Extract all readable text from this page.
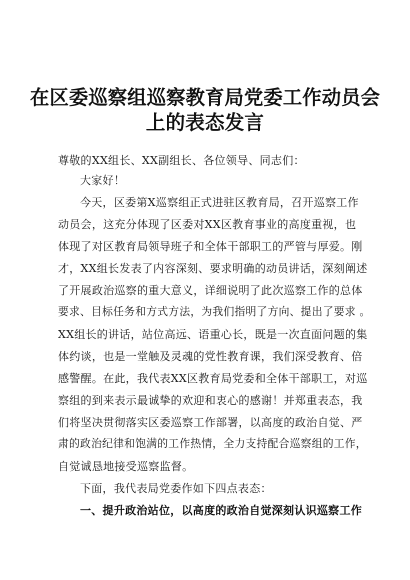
在区委巡察组巡察教育局党委工作动员会
上的表态发言
尊敬的XX组长、XX副组长、各位领导、同志们：
大家好！
今天，区委第X巡察组正式进驻区教育局，召开巡察工作
动员会，这充分体现了区委对XX区教育事业的高度重视，也
体现了对区教育局领导班子和全体干部职工的严管与厚爱。刚
才，XX组长发表了内容深刻、要求明确的动员讲话，深刻阐述
了开展政治巡察的重大意义，详细说明了此次巡察工作的总体
要求、目标任务和方式方法，为我们指明了方向、提出了要求 。
XX组长的讲话，站位高远、语重心长，既是一次直面问题的集
体约谈，也是一堂触及灵魂的党性教育课，我们深受教育、倍
感警醒。在此，我代表XX区教育局党委和全体干部职工，对巡
察组的到来表示最诚挚的欢迎和衷心的感谢！并郑重表态，我
们将坚决贯彻落实区委巡察工作部署，以高度的政治自觉、严
肃的政治纪律和饱满的工作热情，全力支持配合巡察组的工作，
自觉诚恳地接受巡察监督。
下面，我代表局党委作如下四点表态：
一、提升政治站位，以高度的政治自觉深刻认识巡察工作
